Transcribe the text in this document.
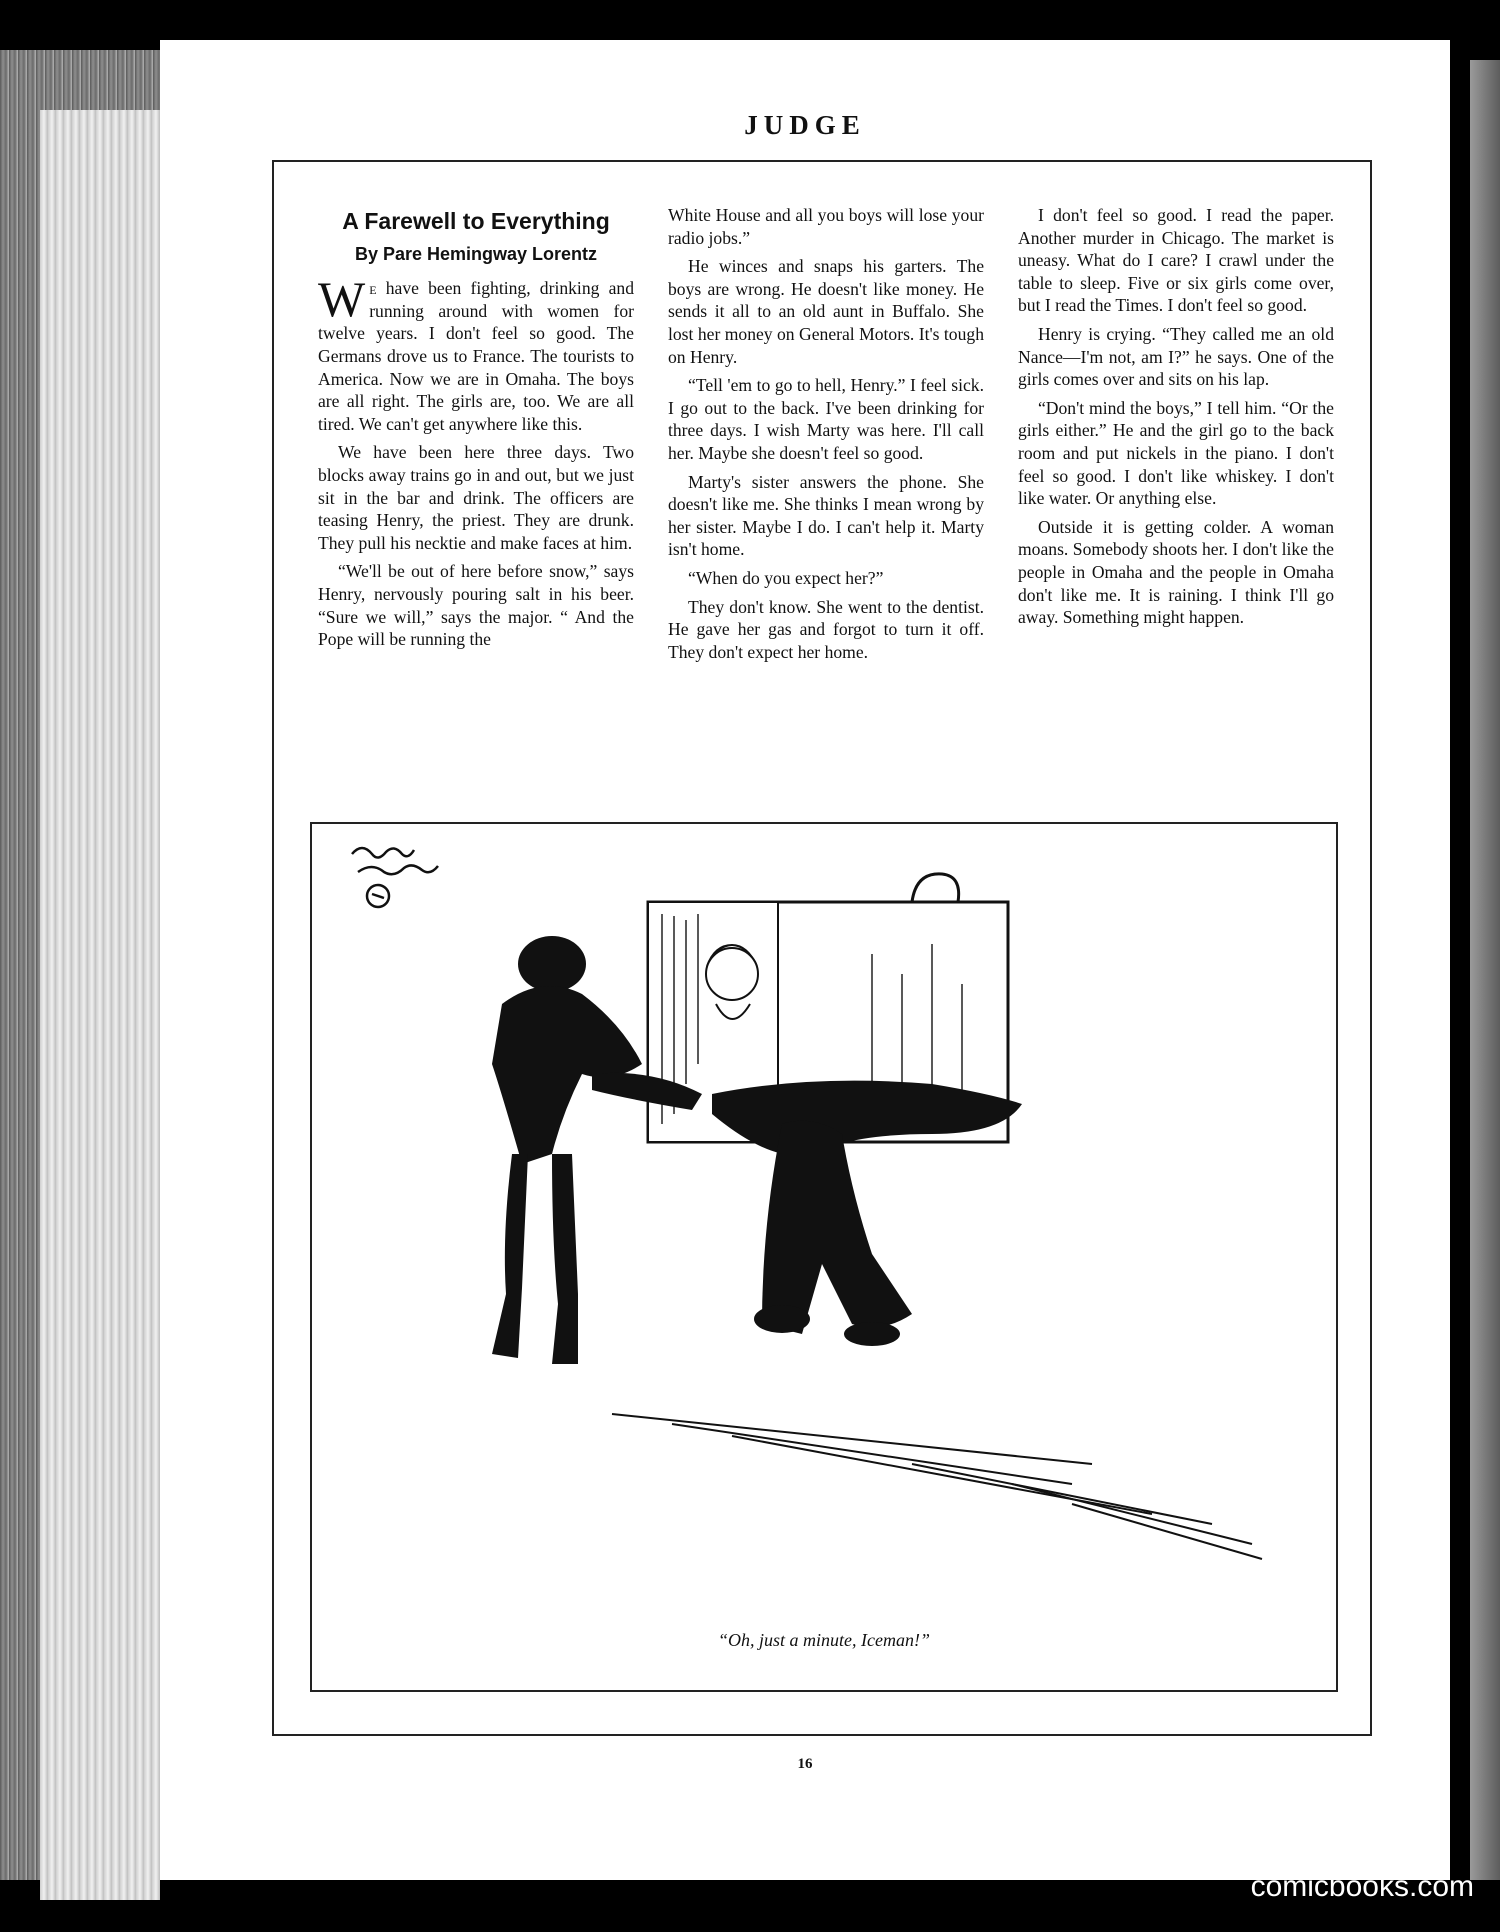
JUDGE
A Farewell to Everything
By Pare Hemingway Lorentz

We have been fighting, drinking and running around with women for twelve years. I don't feel so good. The Germans drove us to France. The tourists to America. Now we are in Omaha. The boys are all right. The girls are, too. We are all tired. We can't get anywhere like this.

We have been here three days. Two blocks away trains go in and out, but we just sit in the bar and drink. The officers are teasing Henry, the priest. They are drunk. They pull his necktie and make faces at him.

“We'll be out of here before snow,” says Henry, nervously pouring salt in his beer. “Sure we will,” says the major. “ And the Pope will be running the

White House and all you boys will lose your radio jobs.”

He winces and snaps his garters. The boys are wrong. He doesn't like money. He sends it all to an old aunt in Buffalo. She lost her money on General Motors. It's tough on Henry.

“Tell 'em to go to hell, Henry.” I feel sick. I go out to the back. I've been drinking for three days. I wish Marty was here. I'll call her. Maybe she doesn't feel so good.

Marty's sister answers the phone. She doesn't like me. She thinks I mean wrong by her sister. Maybe I do. I can't help it. Marty isn't home.

“When do you expect her?”

They don't know. She went to the dentist. He gave her gas and forgot to turn it off. They don't expect her home.

I don't feel so good. I read the paper. Another murder in Chicago. The market is uneasy. What do I care? I crawl under the table to sleep. Five or six girls come over, but I read the Times. I don't feel so good.

Henry is crying. “They called me an old Nance—I'm not, am I?” he says. One of the girls comes over and sits on his lap.

“Don't mind the boys,” I tell him. “Or the girls either.” He and the girl go to the back room and put nickels in the piano. I don't feel so good. I don't like whiskey. I don't like water. Or anything else.

Outside it is getting colder. A woman moans. Somebody shoots her. I don't like the people in Omaha and the people in Omaha don't like me. It is raining. I think I'll go away. Something might happen.

“Oh, just a minute, Iceman!”
16
comicbooks.com
